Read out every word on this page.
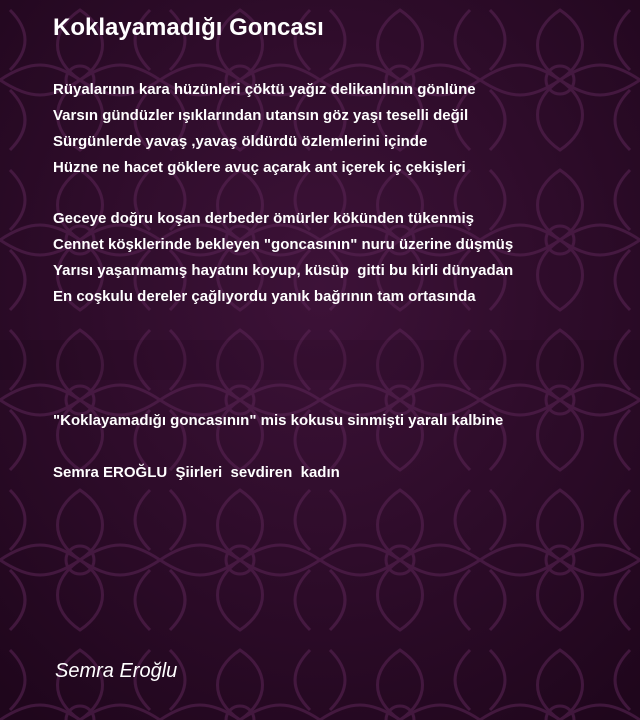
Koklayamadığı Goncası
Rüyalarının kara hüzünleri çöktü yağız delikanlının gönlüne
Varsın gündüzler ışıklarından utansın göz yaşı teselli değil
Sürgünlerde yavaş ,yavaş öldürdü özlemlerini içinde
Hüzne ne hacet göklere avuç açarak ant içerek iç çekişleri
Geceye doğru koşan derbeder ömürler kökünden tükenmiş
Cennet köşklerinde bekleyen "goncasının" nuru üzerine düşmüş
Yarısı yaşanmamış hayatını koyup, küsüp  gitti bu kirli dünyadan
En coşkulu dereler çağlıyordu yanık bağrının tam ortasında
"Koklayamadığı goncasının" mis kokusu sinmişti yaralı kalbine
Semra EROĞLU  Şiirleri  sevdiren  kadın
Semra Eroğlu
